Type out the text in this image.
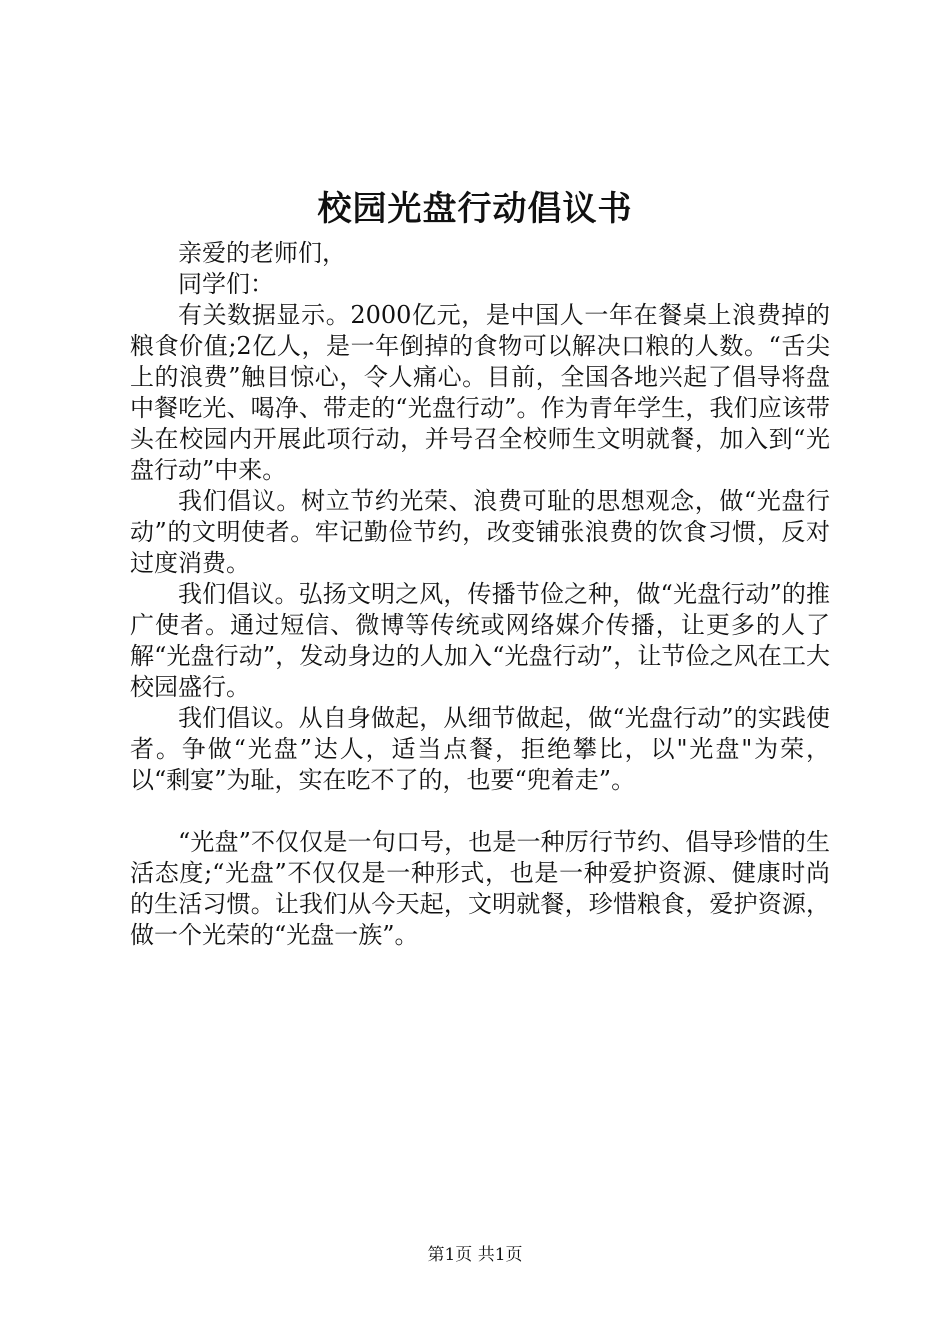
校园光盘行动倡议书

亲爱的老师们，

同学们：

有关数据显示。2000亿元，是中国人一年在餐桌上浪费掉的粮食价值;2亿人，是一年倒掉的食物可以解决口粮的人数。“舌尖上的浪费”触目惊心，令人痛心。目前，全国各地兴起了倡导将盘中餐吃光、喝净、带走的“光盘行动”。作为青年学生，我们应该带头在校园内开展此项行动，并号召全校师生文明就餐，加入到“光盘行动”中来。

我们倡议。树立节约光荣、浪费可耻的思想观念，做“光盘行动”的文明使者。牢记勤俭节约，改变铺张浪费的饮食习惯，反对过度消费。

我们倡议。弘扬文明之风，传播节俭之种，做“光盘行动”的推广使者。通过短信、微博等传统或网络媒介传播，让更多的人了解“光盘行动”，发动身边的人加入“光盘行动”，让节俭之风在工大校园盛行。

我们倡议。从自身做起，从细节做起，做“光盘行动”的实践使者。争做“光盘”达人，适当点餐，拒绝攀比，以"光盘"为荣，以“剩宴”为耻，实在吃不了的，也要“兜着走”。

“光盘”不仅仅是一句口号，也是一种厉行节约、倡导珍惜的生活态度;“光盘”不仅仅是一种形式，也是一种爱护资源、健康时尚的生活习惯。让我们从今天起，文明就餐，珍惜粮食，爱护资源，做一个光荣的“光盘一族”。

第1页 共1页
